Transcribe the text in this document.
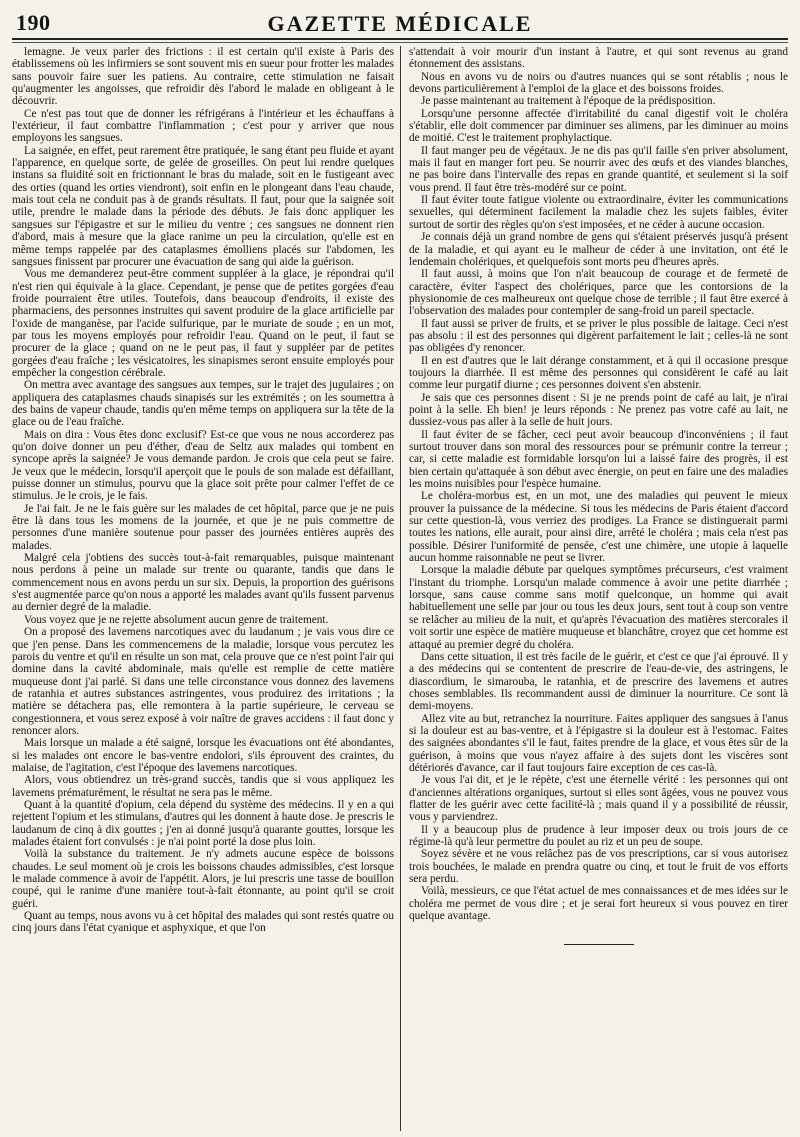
190	GAZETTE MÉDICALE

lemagne. Je veux parler des frictions : il est certain qu'il existe à Paris des établissemens où les infirmiers se sont souvent mis en sueur pour frotter les malades sans pouvoir faire suer les patiens. Au contraire, cette stimulation ne faisait qu'augmenter les angoisses, que refroidir dès l'abord le malade en obligeant à le découvrir.

Ce n'est pas tout que de donner les réfrigérans à l'intérieur et les échauffans à l'extérieur, il faut combattre l'inflammation ; c'est pour y arriver que nous employons les sangsues.

La saignée, en effet, peut rarement être pratiquée, le sang étant peu fluide et ayant l'apparence, en quelque sorte, de gelée de groseilles. On peut lui rendre quelques instans sa fluidité soit en frictionnant le bras du malade, soit en le fustigeant avec des orties (quand les orties viendront), soit enfin en le plongeant dans l'eau chaude, mais tout cela ne conduit pas à de grands résultats. Il faut, pour que la saignée soit utile, prendre le malade dans la période des débuts. Je fais donc appliquer les sangsues sur l'épigastre et sur le milieu du ventre ; ces sangsues ne donnent rien d'abord, mais à mesure que la glace ranime un peu la circulation, qu'elle est en même temps rappelée par des cataplasmes émolliens placés sur l'abdomen, les sangsues finissent par procurer une évacuation de sang qui aide la guérison.

Vous me demanderez peut-être comment suppléer à la glace, je répondrai qu'il n'est rien qui équivale à la glace. Cependant, je pense que de petites gorgées d'eau froide pourraient être utiles. Toutefois, dans beaucoup d'endroits, il existe des pharmaciens, des personnes instruites qui savent produire de la glace artificielle par l'oxide de manganèse, par l'acide sulfurique, par le muriate de soude ; en un mot, par tous les moyens employés pour refroidir l'eau. Quand on le peut, il faut se procurer de la glace ; quand on ne le peut pas, il faut y suppléer par de petites gorgées d'eau fraîche ; les vésicatoires, les sinapismes seront ensuite employés pour empêcher la congestion cérébrale.

On mettra avec avantage des sangsues aux tempes, sur le trajet des jugulaires ; on appliquera des cataplasmes chauds sinapisés sur les extrémités ; on les soumettra à des bains de vapeur chaude, tandis qu'en même temps on appliquera sur la tête de la glace ou de l'eau fraîche.

Mais on dira : Vous êtes donc exclusif? Est-ce que vous ne nous accorderez pas qu'on doive donner un peu d'éther, d'eau de Seltz aux malades qui tombent en syncope après la saignée? Je vous demande pardon. Je crois que cela peut se faire. Je veux que le médecin, lorsqu'il aperçoit que le pouls de son malade est défaillant, puisse donner un stimulus, pourvu que la glace soit prête pour calmer l'effet de ce stimulus. Je le crois, je le fais.

Je l'ai fait. Je ne le fais guère sur les malades de cet hôpital, parce que je ne puis être là dans tous les momens de la journée, et que je ne puis commettre de personnes d'une manière soutenue pour passer des journées entières auprès des malades.

Malgré cela j'obtiens des succès tout-à-fait remarquables, puisque maintenant nous perdons à peine un malade sur trente ou quarante, tandis que dans le commencement nous en avons perdu un sur six. Depuis, la proportion des guérisons s'est augmentée parce qu'on nous a apporté les malades avant qu'ils fussent parvenus au dernier degré de la maladie.

Vous voyez que je ne rejette absolument aucun genre de traitement.

On a proposé des lavemens narcotiques avec du laudanum ; je vais vous dire ce que j'en pense. Dans les commencemens de la maladie, lorsque vous percutez les parois du ventre et qu'il en résulte un son mat, cela prouve que ce n'est point l'air qui domine dans la cavité abdominale, mais qu'elle est remplie de cette matière muqueuse dont j'ai parlé. Si dans une telle circonstance vous donnez des lavemens de ratanhia et autres substances astringentes, vous produirez des irritations ; la matière se détachera pas, elle remontera à la partie supérieure, le cerveau se congestionnera, et vous serez exposé à voir naître de graves accidens : il faut donc y renoncer alors.

Mais lorsque un malade a été saigné, lorsque les évacuations ont été abondantes, si les malades ont encore le bas-ventre endolori, s'ils éprouvent des craintes, du malaise, de l'agitation, c'est l'époque des lavemens narcotiques.

Alors, vous obtiendrez un très-grand succès, tandis que si vous appliquez les lavemens prématurément, le résultat ne sera pas le même.

Quant à la quantité d'opium, cela dépend du système des médecins. Il y en a qui rejettent l'opium et les stimulans, d'autres qui les donnent à haute dose. Je prescris le laudanum de cinq à dix gouttes ; j'en ai donné jusqu'à quarante gouttes, lorsque les malades étaient fort convulsés : je n'ai point porté la dose plus loin.

Voilà la substance du traitement. Je n'y admets aucune espèce de boissons chaudes. Le seul moment où je crois les boissons chaudes admissibles, c'est lorsque le malade commence à avoir de l'appétit. Alors, je lui prescris une tasse de bouillon coupé, qui le ranime d'une manière tout-à-fait étonnante, au point qu'il se croit guéri.

Quant au temps, nous avons vu à cet hôpital des malades qui sont restés quatre ou cinq jours dans l'état cyanique et asphyxique, et que l'on

s'attendait à voir mourir d'un instant à l'autre, et qui sont revenus au grand étonnement des assistans.

Nous en avons vu de noirs ou d'autres nuances qui se sont rétablis ; nous le devons particulièrement à l'emploi de la glace et des boissons froides.

Je passe maintenant au traitement à l'époque de la prédisposition.

Lorsqu'une personne affectée d'irritabilité du canal digestif voit le choléra s'établir, elle doit commencer par diminuer ses alimens, par les diminuer au moins de moitié. C'est le traitement prophylactique.

Il faut manger peu de végétaux. Je ne dis pas qu'il faille s'en priver absolument, mais il faut en manger fort peu. Se nourrir avec des œufs et des viandes blanches, ne pas boire dans l'intervalle des repas en grande quantité, et seulement si la soif vous prend. Il faut être très-modéré sur ce point.

Il faut éviter toute fatigue violente ou extraordinaire, éviter les communications sexuelles, qui déterminent facilement la maladie chez les sujets faibles, éviter surtout de sortir des règles qu'on s'est imposées, et ne céder à aucune occasion.

Je connais déjà un grand nombre de gens qui s'étaient préservés jusqu'à présent de la maladie, et qui ayant eu le malheur de céder à une invitation, ont été le lendemain cholériques, et quelquefois sont morts peu d'heures après.

Il faut aussi, à moins que l'on n'ait beaucoup de courage et de fermeté de caractère, éviter l'aspect des cholériques, parce que les contorsions de la physionomie de ces malheureux ont quelque chose de terrible ; il faut être exercé à l'observation des malades pour contempler de sang-froid un pareil spectacle.

Il faut aussi se priver de fruits, et se priver le plus possible de laitage. Ceci n'est pas absolu : il est des personnes qui digèrent parfaitement le lait ; celles-là ne sont pas obligées d'y renoncer.

Il en est d'autres que le lait dérange constamment, et à qui il occasione presque toujours la diarrhée. Il est même des personnes qui considèrent le café au lait comme leur purgatif diurne ; ces personnes doivent s'en abstenir.

Je sais que ces personnes disent : Si je ne prends point de café au lait, je n'irai point à la selle. Eh bien! je leurs réponds : Ne prenez pas votre café au lait, ne dussiez-vous pas aller à la selle de huit jours.

Il faut éviter de se fâcher, ceci peut avoir beaucoup d'inconvéniens ; il faut surtout trouver dans son moral des ressources pour se prémunir contre la terreur ; car, si cette maladie est formidable lorsqu'on lui a laissé faire des progrès, il est bien certain qu'attaquée à son début avec énergie, on peut en faire une des maladies les moins nuisibles pour l'espèce humaine.

Le choléra-morbus est, en un mot, une des maladies qui peuvent le mieux prouver la puissance de la médecine. Si tous les médecins de Paris étaient d'accord sur cette question-là, vous verriez des prodiges. La France se distinguerait parmi toutes les nations, elle aurait, pour ainsi dire, arrêté le choléra ; mais cela n'est pas possible. Désirer l'uniformité de pensée, c'est une chimère, une utopie à laquelle aucun homme raisonnable ne peut se livrer.

Lorsque la maladie débute par quelques symptômes précurseurs, c'est vraiment l'instant du triomphe. Lorsqu'un malade commence à avoir une petite diarrhée ; lorsque, sans cause comme sans motif quelconque, un homme qui avait habituellement une selle par jour ou tous les deux jours, sent tout à coup son ventre se relâcher au milieu de la nuit, et qu'après l'évacuation des matières stercorales il voit sortir une espèce de matière muqueuse et blanchâtre, croyez que cet homme est attaqué au premier degré du choléra.

Dans cette situation, il est très facile de le guérir, et c'est ce que j'ai éprouvé. Il y a des médecins qui se contentent de prescrire de l'eau-de-vie, des astringens, le diascordium, le simarouba, le ratanhia, et de prescrire des lavemens et autres choses semblables. Ils recommandent aussi de diminuer la nourriture. Ce sont là demi-moyens.

Allez vite au but, retranchez la nourriture. Faites appliquer des sangsues à l'anus si la douleur est au bas-ventre, et à l'épigastre si la douleur est à l'estomac. Faites des saignées abondantes s'il le faut, faites prendre de la glace, et vous êtes sûr de la guérison, à moins que vous n'ayez affaire à des sujets dont les viscères sont détériorés d'avance, car il faut toujours faire exception de ces cas-là.

Je vous l'ai dit, et je le répète, c'est une éternelle vérité : les personnes qui ont d'anciennes altérations organiques, surtout si elles sont âgées, vous ne pouvez vous flatter de les guérir avec cette facilité-là ; mais quand il y a possibilité de réussir, vous y parviendrez.

Il y a beaucoup plus de prudence à leur imposer deux ou trois jours de ce régime-là qu'à leur permettre du poulet au riz et un peu de soupe.

Soyez sévère et ne vous relâchez pas de vos prescriptions, car si vous autorisez trois bouchées, le malade en prendra quatre ou cinq, et tout le fruit de vos efforts sera perdu.

Voilà, messieurs, ce que l'état actuel de mes connaissances et de mes idées sur le choléra me permet de vous dire ; et je serai fort heureux si vous pouvez en tirer quelque avantage.
